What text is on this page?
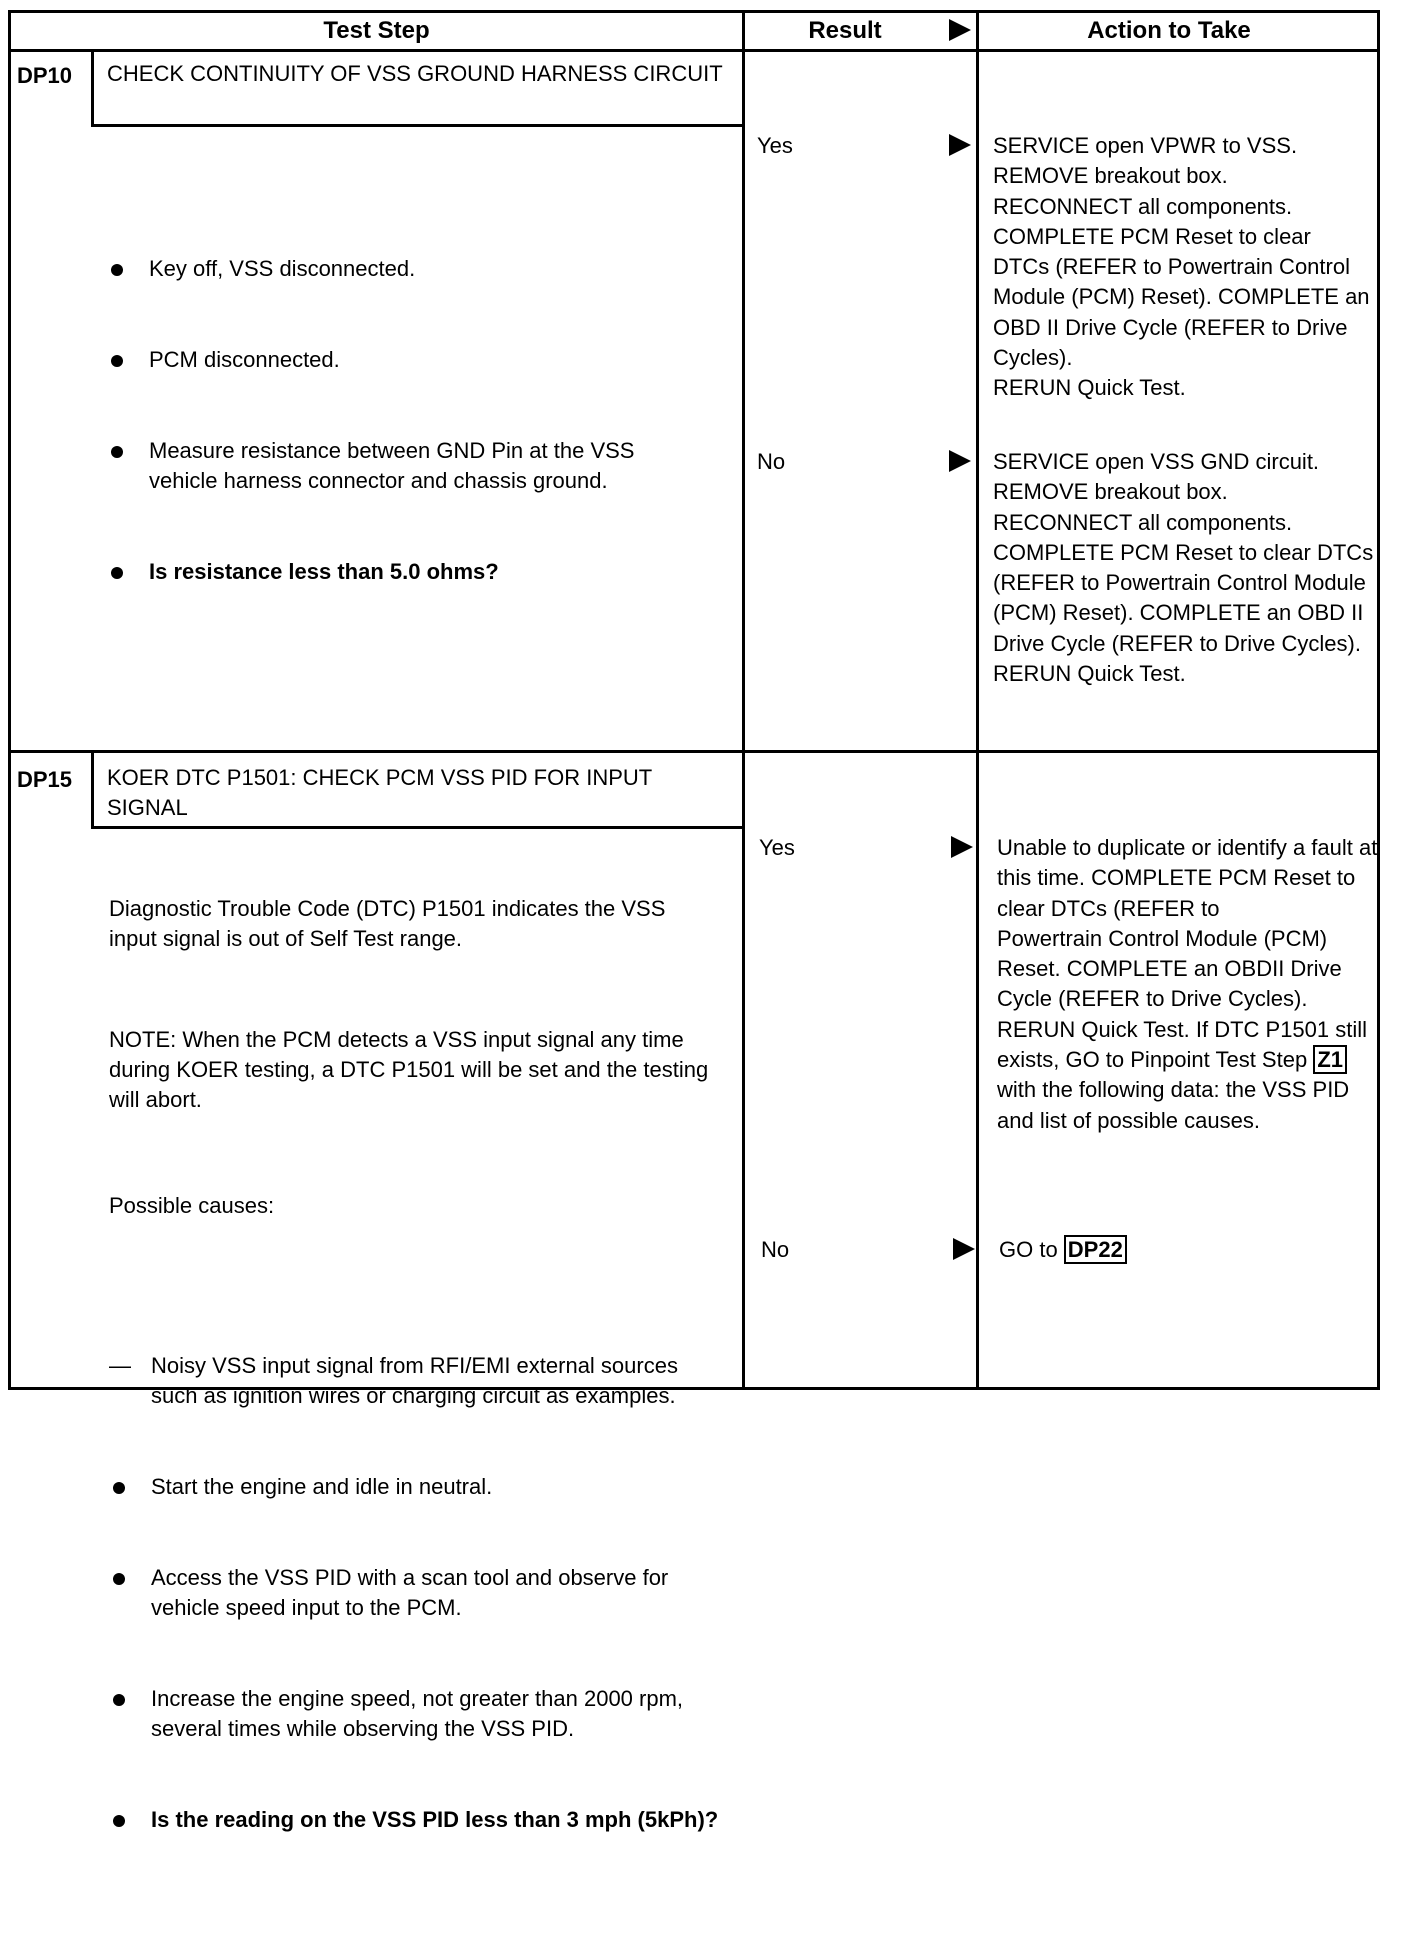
Test Step	Result	Action to Take
DP10 CHECK CONTINUITY OF VSS GROUND HARNESS CIRCUIT

Key off, VSS disconnected.

PCM disconnected.

Measure resistance between GND Pin at the VSS vehicle harness connector and chassis ground.

Is resistance less than 5.0 ohms?

Yes	SERVICE open VPWR to VSS.
REMOVE breakout box.
RECONNECT all components.
COMPLETE PCM Reset to clear DTCs (REFER to Powertrain Control Module (PCM) Reset). COMPLETE an OBD II Drive Cycle (REFER to Drive Cycles).
RERUN Quick Test.
No	SERVICE open VSS GND circuit. REMOVE breakout box.
RECONNECT all components.
COMPLETE PCM Reset to clear DTCs (REFER to Powertrain Control Module (PCM) Reset). COMPLETE an OBD II Drive Cycle (REFER to Drive Cycles).
RERUN Quick Test.
DP15 KOER DTC P1501: CHECK PCM VSS PID FOR INPUT SIGNAL

Diagnostic Trouble Code (DTC) P1501 indicates the VSS input signal is out of Self Test range.

NOTE: When the PCM detects a VSS input signal any time during KOER testing, a DTC P1501 will be set and the testing will abort.

Possible causes:

— Noisy VSS input signal from RFI/EMI external sources such as ignition wires or charging circuit as examples.

Start the engine and idle in neutral.

Access the VSS PID with a scan tool and observe for vehicle speed input to the PCM.

Increase the engine speed, not greater than 2000 rpm, several times while observing the VSS PID.

Is the reading on the VSS PID less than 3 mph (5kPh)?

Yes	Unable to duplicate or identify a fault at this time. COMPLETE PCM Reset to clear DTCs (REFER to
Powertrain Control Module (PCM) Reset. COMPLETE an OBDII Drive Cycle (REFER to Drive Cycles).
RERUN Quick Test. If DTC P1501 still exists, GO to Pinpoint Test Step Z1 with the following data: the VSS PID and list of possible causes.
No	GO to DP22
